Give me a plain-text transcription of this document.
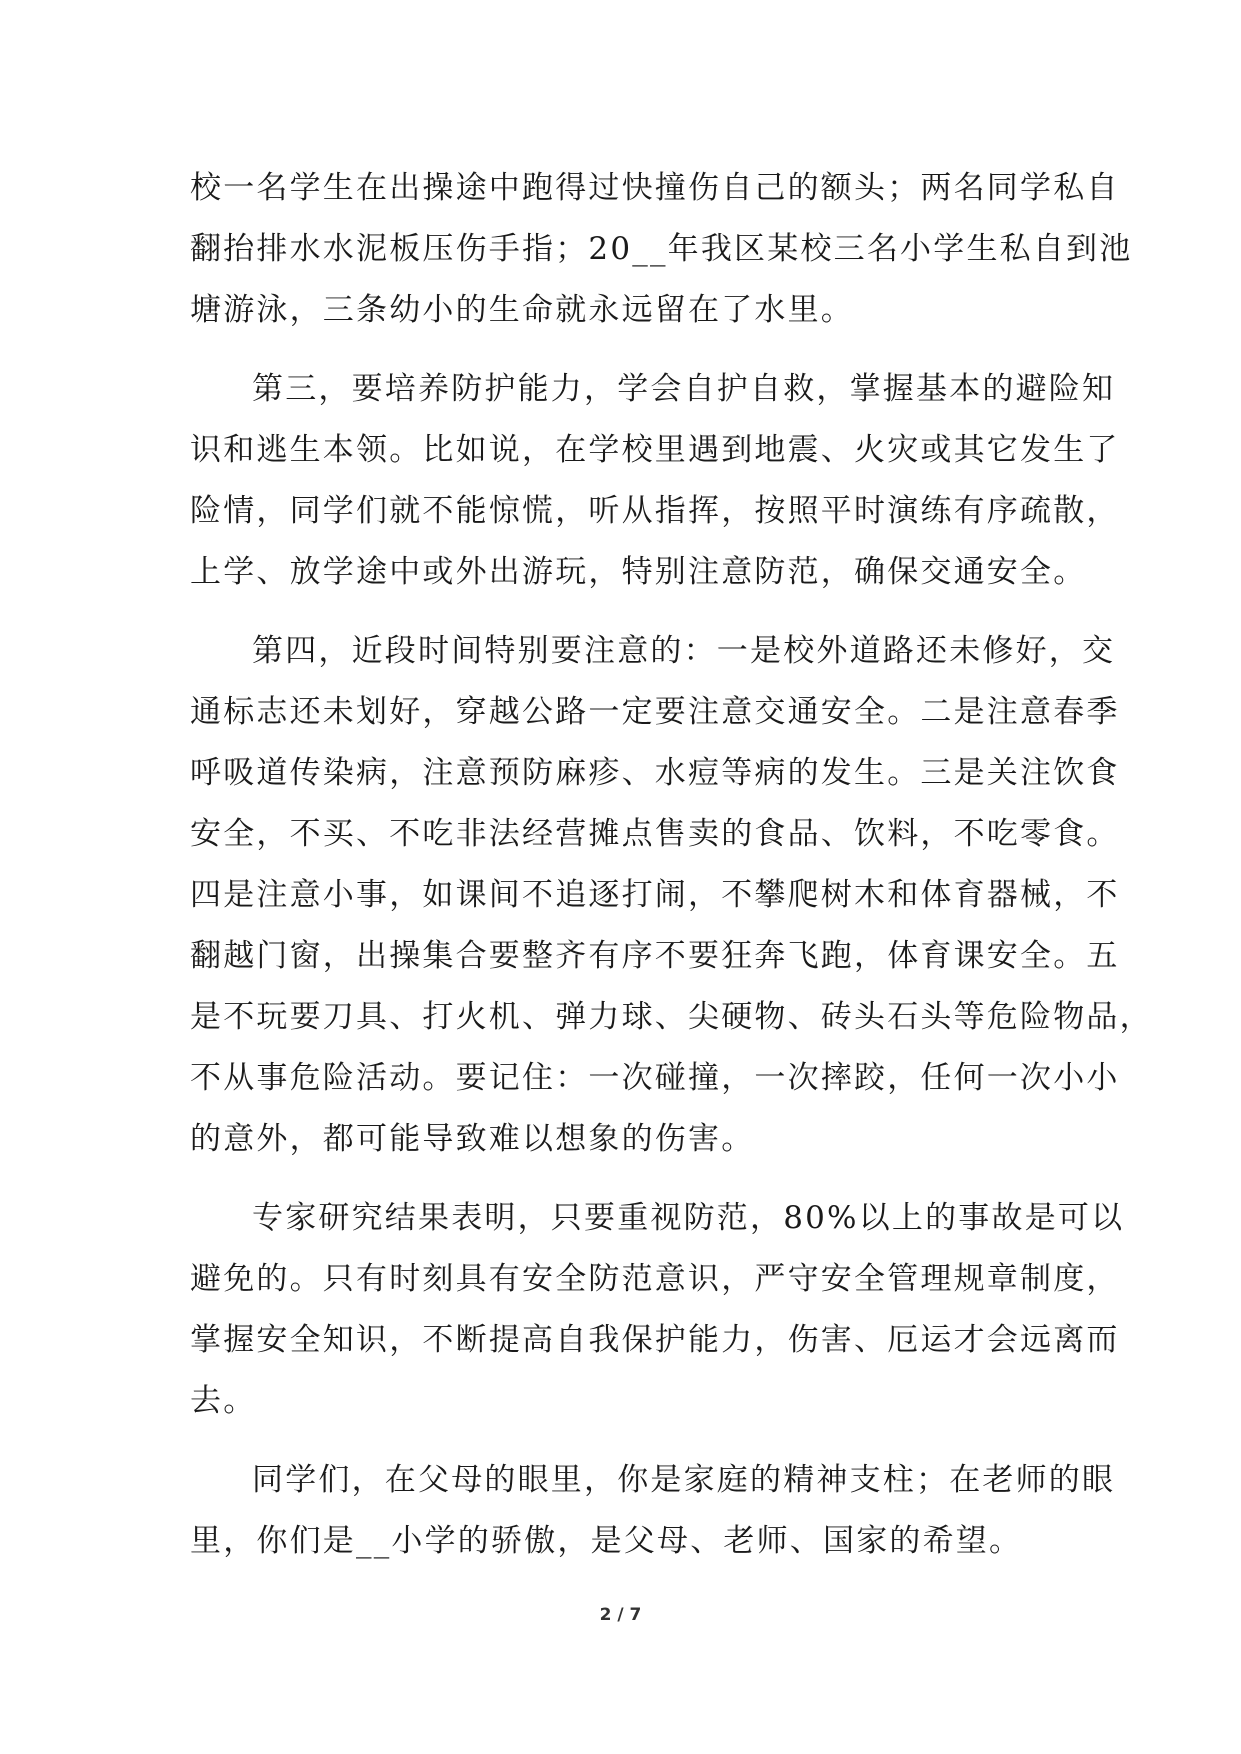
校一名学生在出操途中跑得过快撞伤自己的额头；两名同学私自
翻抬排水水泥板压伤手指；20__年我区某校三名小学生私自到池
塘游泳，三条幼小的生命就永远留在了水里。
第三，要培养防护能力，学会自护自救，掌握基本的避险知
识和逃生本领。比如说，在学校里遇到地震、火灾或其它发生了
险情，同学们就不能惊慌，听从指挥，按照平时演练有序疏散，
上学、放学途中或外出游玩，特别注意防范，确保交通安全。
第四，近段时间特别要注意的：一是校外道路还未修好，交
通标志还未划好，穿越公路一定要注意交通安全。二是注意春季
呼吸道传染病，注意预防麻疹、水痘等病的发生。三是关注饮食
安全，不买、不吃非法经营摊点售卖的食品、饮料，不吃零食。
四是注意小事，如课间不追逐打闹，不攀爬树木和体育器械，不
翻越门窗，出操集合要整齐有序不要狂奔飞跑，体育课安全。五
是不玩要刀具、打火机、弹力球、尖硬物、砖头石头等危险物品，
不从事危险活动。要记住：一次碰撞，一次摔跤，任何一次小小
的意外，都可能导致难以想象的伤害。
专家研究结果表明，只要重视防范，80%以上的事故是可以
避免的。只有时刻具有安全防范意识，严守安全管理规章制度，
掌握安全知识，不断提高自我保护能力，伤害、厄运才会远离而
去。
同学们，在父母的眼里，你是家庭的精神支柱；在老师的眼
里，你们是__小学的骄傲，是父母、老师、国家的希望。
2 / 7
